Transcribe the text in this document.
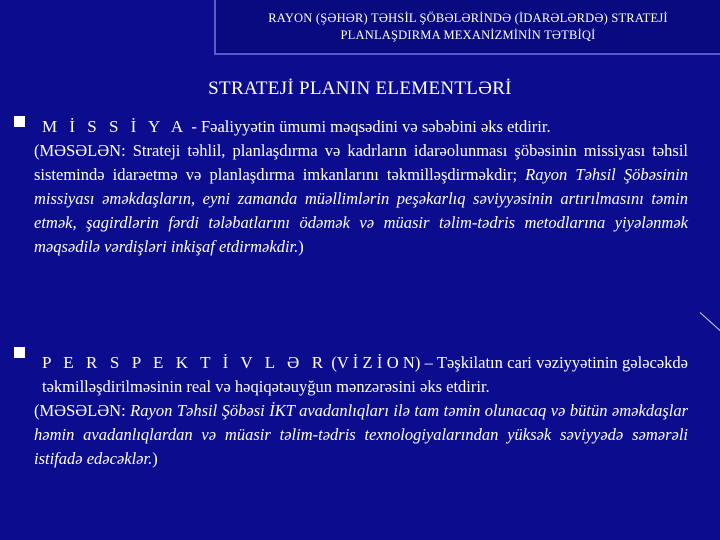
RAYON (ŞƏHƏR) TƏHSİL ŞÖBƏLƏRİNDƏ (İDARƏLƏRDƏ) STRATEJİ
PLANLAŞDIRMA MEXANİZMİNİN TƏTBİQİ
STRATEJİ PLANIN ELEMENTLƏRİ

M İ S S İ Y A - Fəaliyyətin ümumi məqsədini və səbəbini əks etdirir.

(MƏSƏLƏN: Strateji təhlil, planlaşdırma və kadrların idarəolunması şöbəsinin missiyası təhsil sistemində idarəetmə və planlaşdırma imkanlarını təkmilləşdirməkdir; Rayon Təhsil Şöbəsinin missiyası əməkdaşların, eyni zamanda müəllimlərin peşəkarlıq səviyyəsinin artırılmasını təmin etmək, şagirdlərin fərdi tələbatlarını ödəmək və müasir təlim-tədris metodlarına yiyələnmək məqsədilə vərdişləri inkişaf etdirməkdir.)

P E R S P E K T İ V L Ə R (V İ Z İ O N) – Təşkilatın cari vəziyyətinin gələcəkdə təkmilləşdirilməsinin real və həqiqətəuyğun mənzərəsini əks etdirir.

(MƏSƏLƏN: Rayon Təhsil Şöbəsi İKT avadanlıqları ilə tam təmin olunacaq və bütün əməkdaşlar həmin avadanlıqlardan və müasir təlim-tədris texnologiyalarından yüksək səviyyədə səmərəli istifadə edəcəklər.)
